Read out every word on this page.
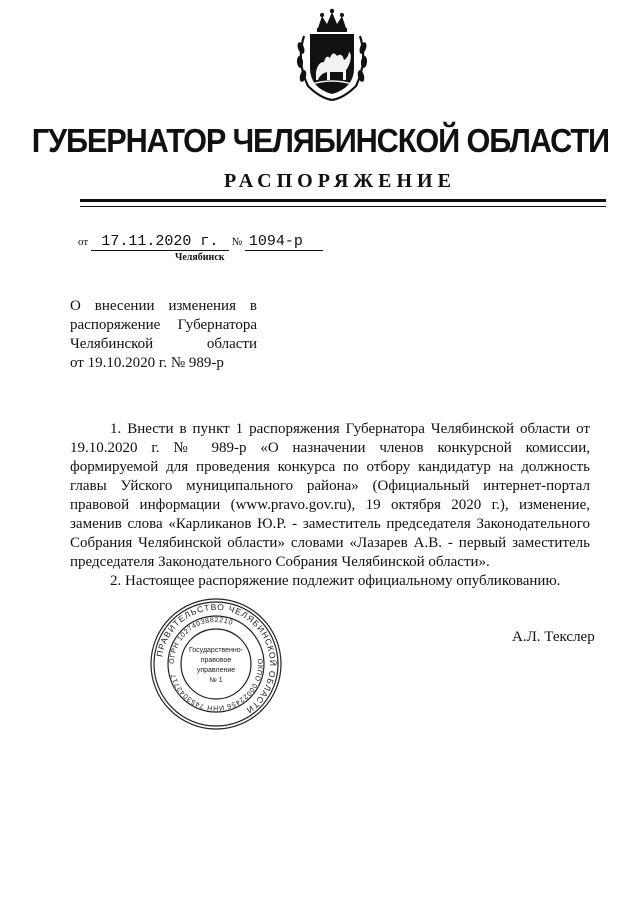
ГУБЕРНАТОР ЧЕЛЯБИНСКОЙ ОБЛАСТИ
РАСПОРЯЖЕНИЕ
от 17.11.2020 г. № 1094-р
Челябинск
О внесении изменения в
распоряжение Губернатора
Челябинской области
от 19.10.2020 г. № 989-р

1. Внести в пункт 1 распоряжения Губернатора Челябинской области от 19.10.2020 г. № 989-р «О назначении членов конкурсной комиссии, формируемой для проведения конкурса по отбору кандидатур на должность главы Уйского муниципального района» (Официальный интернет-портал правовой информации (www.pravo.gov.ru), 19 октября 2020 г.), изменение, заменив слова «Карликанов Ю.Р. - заместитель председателя Законодательного Собрания Челябинской области» словами «Лазарев А.В. - первый заместитель председателя Законодательного Собрания Челябинской области».

2. Настоящее распоряжение подлежит официальному опубликованию.

ПРАВИТЕЛЬСТВО ЧЕЛЯБИНСКОЙ ОБЛАСТИ
ОГРН 1027403882210
ОКПО 00022456
ИНН 7453042717
Государственно-
правовое
управление
№ 1
А.Л. Текслер
